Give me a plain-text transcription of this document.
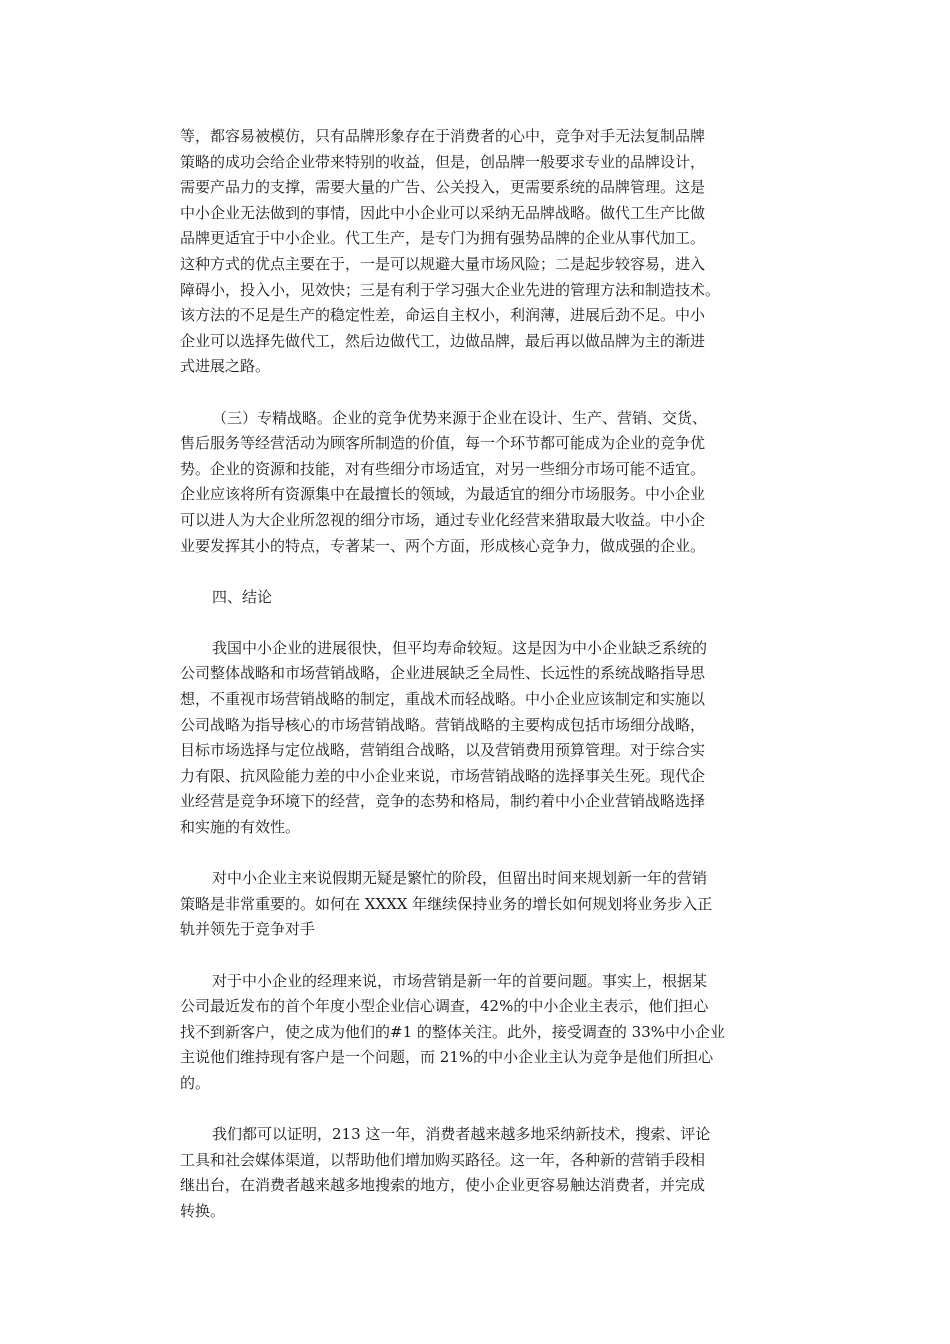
等，都容易被模仿，只有品牌形象存在于消费者的心中，竞争对手无法复制品牌
策略的成功会给企业带来特别的收益，但是，创品牌一般要求专业的品牌设计，
需要产品力的支撑，需要大量的广告、公关投入，更需要系统的品牌管理。这是
中小企业无法做到的事情，因此中小企业可以采纳无品牌战略。做代工生产比做
品牌更适宜于中小企业。代工生产，是专门为拥有强势品牌的企业从事代加工。
这种方式的优点主要在于，一是可以规避大量市场风险；二是起步较容易，进入
障碍小，投入小，见效快；三是有利于学习强大企业先进的管理方法和制造技术。
该方法的不足是生产的稳定性差，命运自主权小，利润薄，进展后劲不足。中小
企业可以选择先做代工，然后边做代工，边做品牌，最后再以做品牌为主的渐进
式进展之路。
（三）专精战略。企业的竞争优势来源于企业在设计、生产、营销、交货、
售后服务等经营活动为顾客所制造的价值，每一个环节都可能成为企业的竞争优
势。企业的资源和技能，对有些细分市场适宜，对另一些细分市场可能不适宜。
企业应该将所有资源集中在最擅长的领域，为最适宜的细分市场服务。中小企业
可以进人为大企业所忽视的细分市场，通过专业化经营来猎取最大收益。中小企
业要发挥其小的特点，专著某一、两个方面，形成核心竞争力，做成强的企业。
四、结论
我国中小企业的进展很快，但平均寿命较短。这是因为中小企业缺乏系统的
公司整体战略和市场营销战略，企业进展缺乏全局性、长远性的系统战略指导思
想，不重视市场营销战略的制定，重战术而轻战略。中小企业应该制定和实施以
公司战略为指导核心的市场营销战略。营销战略的主要构成包括市场细分战略，
目标市场选择与定位战略，营销组合战略，以及营销费用预算管理。对于综合实
力有限、抗风险能力差的中小企业来说，市场营销战略的选择事关生死。现代企
业经营是竞争环境下的经营，竞争的态势和格局，制约着中小企业营销战略选择
和实施的有效性。
对中小企业主来说假期无疑是繁忙的阶段，但留出时间来规划新一年的营销
策略是非常重要的。如何在 XXXX 年继续保持业务的增长如何规划将业务步入正
轨并领先于竞争对手
对于中小企业的经理来说，市场营销是新一年的首要问题。事实上，根据某
公司最近发布的首个年度小型企业信心调查，42%的中小企业主表示，他们担心
找不到新客户，使之成为他们的#1 的整体关注。此外，接受调查的 33%中小企业
主说他们维持现有客户是一个问题，而 21%的中小企业主认为竞争是他们所担心
的。
我们都可以证明，213 这一年，消费者越来越多地采纳新技术，搜索、评论
工具和社会媒体渠道，以帮助他们增加购买路径。这一年，各种新的营销手段相
继出台，在消费者越来越多地搜索的地方，使小企业更容易触达消费者，并完成
转换。
